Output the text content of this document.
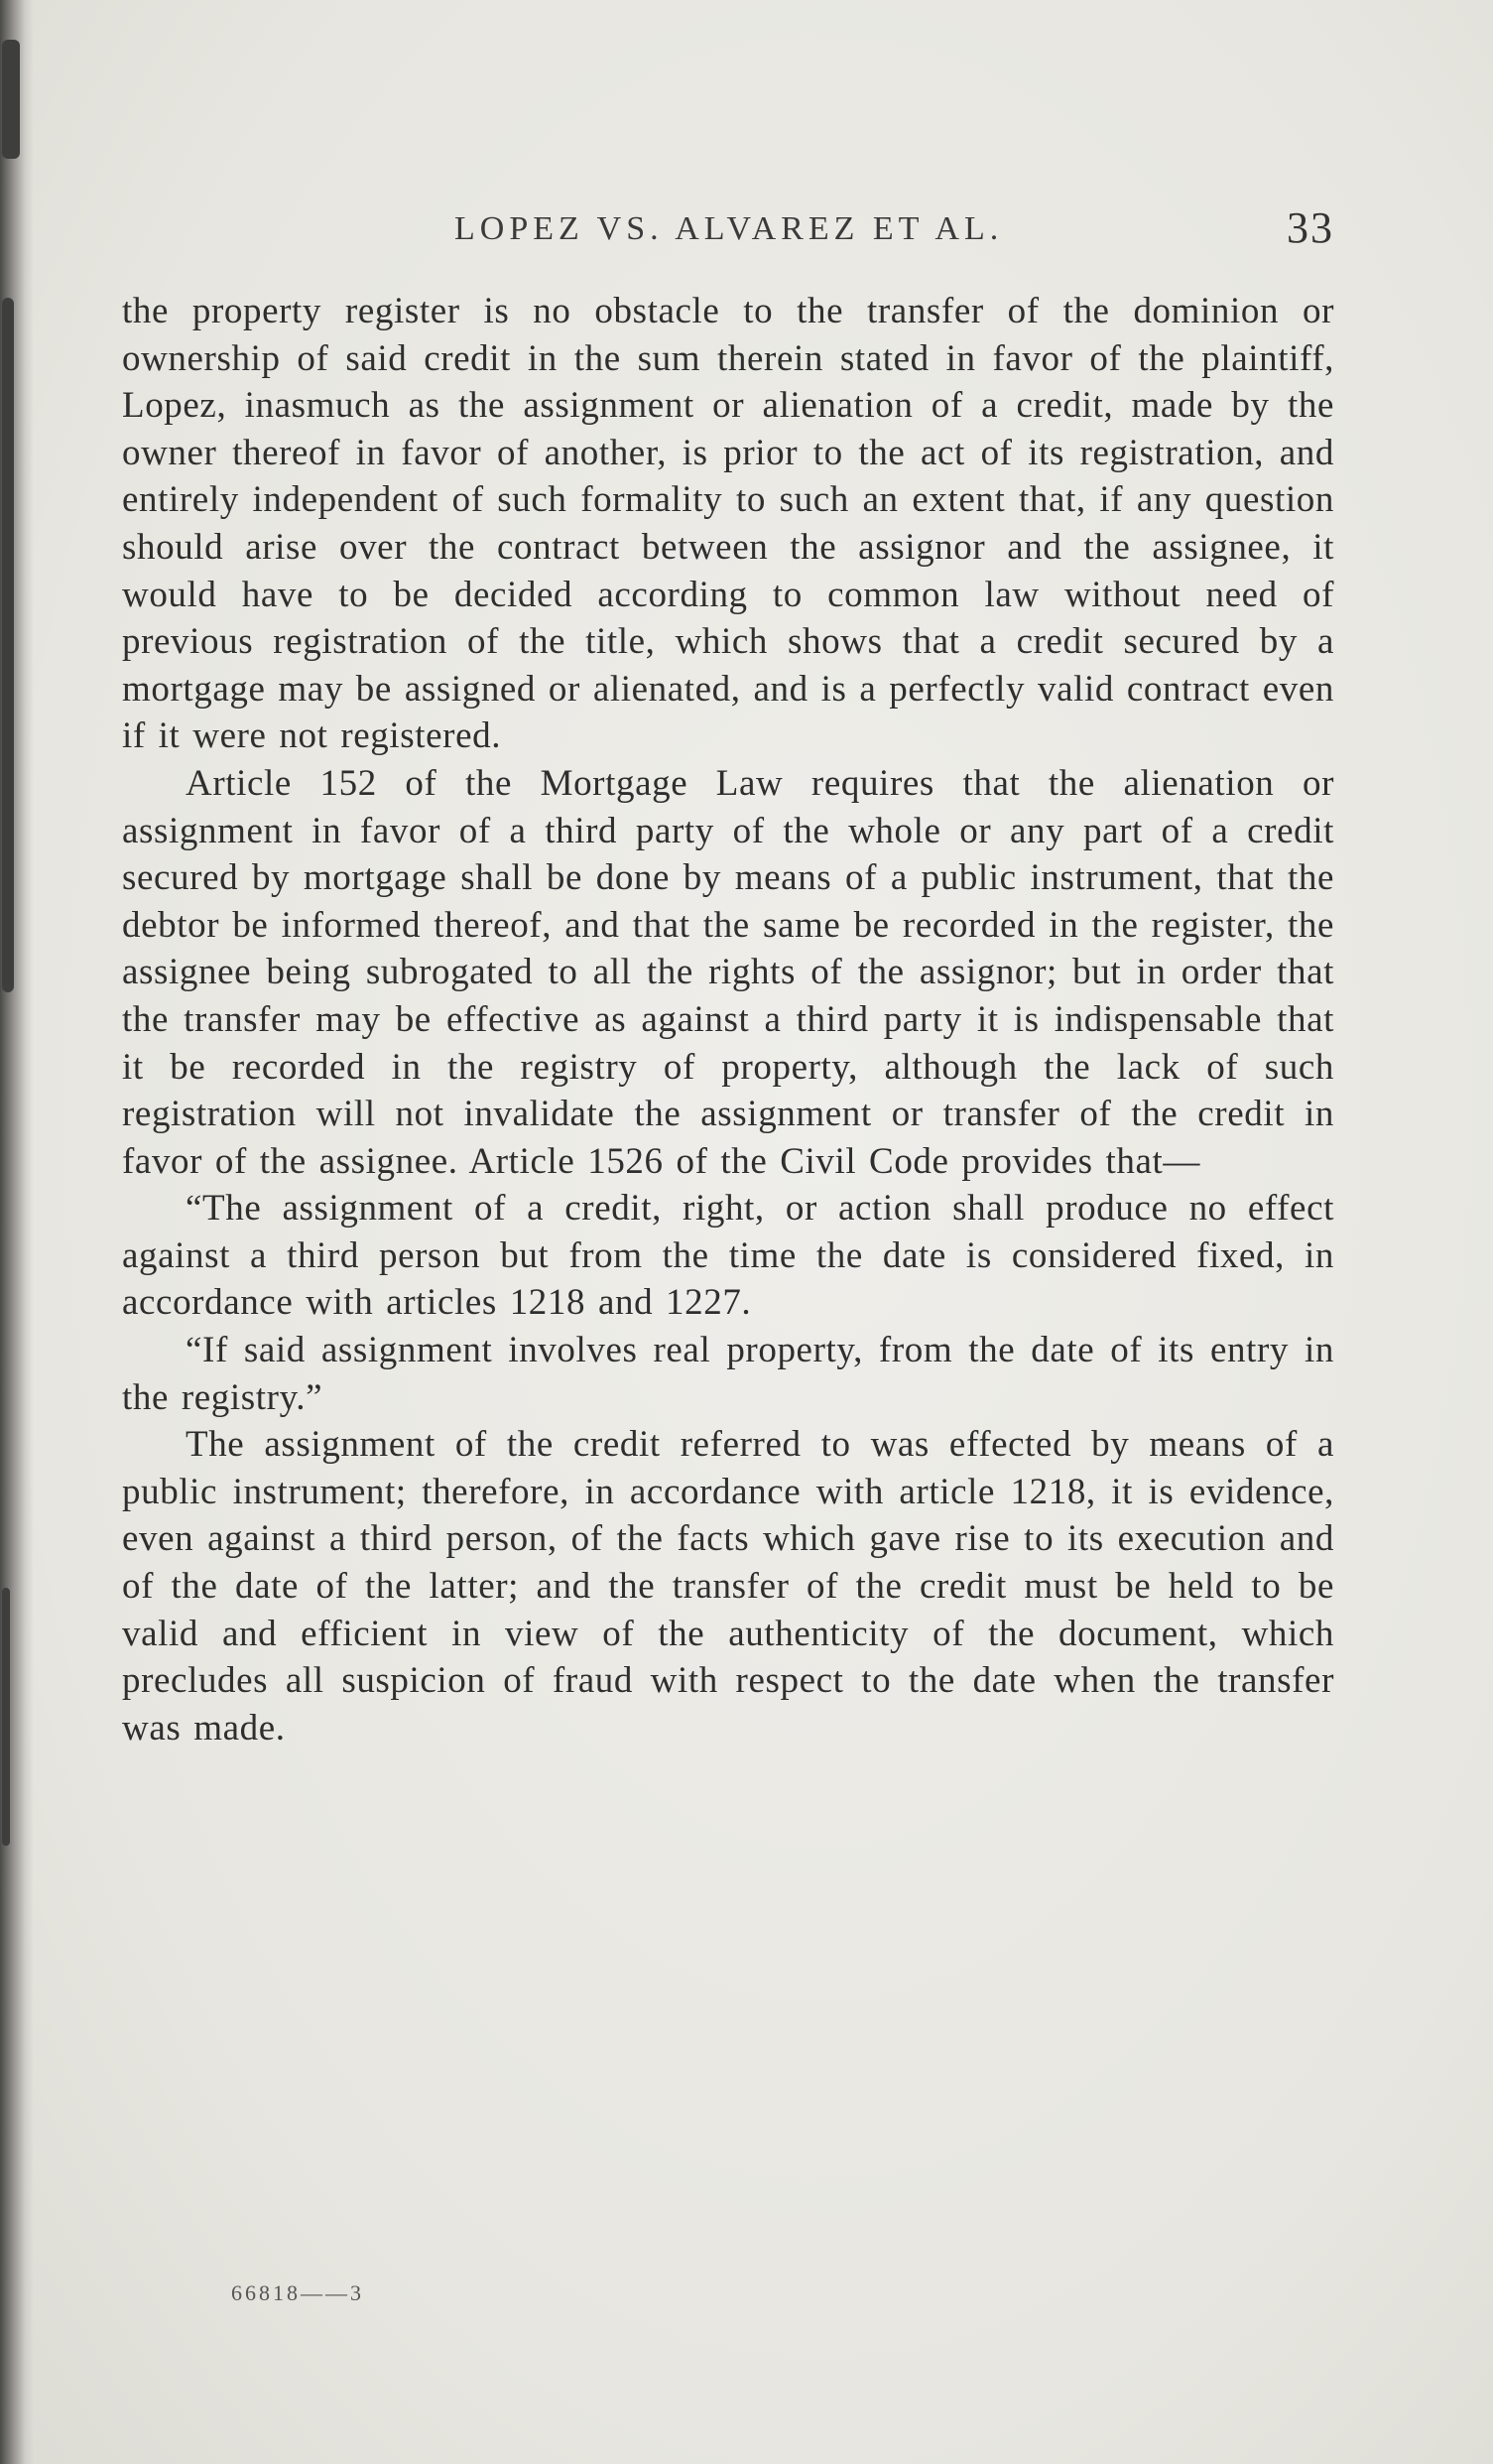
LOPEZ VS. ALVAREZ ET AL.	33

the property register is no obstacle to the transfer of the dominion or ownership of said credit in the sum therein stated in favor of the plaintiff, Lopez, inasmuch as the assignment or alienation of a credit, made by the owner thereof in favor of another, is prior to the act of its registration, and entirely independent of such formality to such an extent that, if any question should arise over the contract between the assignor and the assignee, it would have to be decided according to common law without need of previous registration of the title, which shows that a credit secured by a mortgage may be assigned or alienated, and is a perfectly valid contract even if it were not registered.

Article 152 of the Mortgage Law requires that the alienation or assignment in favor of a third party of the whole or any part of a credit secured by mortgage shall be done by means of a public instrument, that the debtor be informed thereof, and that the same be recorded in the register, the assignee being subrogated to all the rights of the assignor; but in order that the transfer may be effective as against a third party it is indispensable that it be recorded in the registry of property, although the lack of such registration will not invalidate the assignment or transfer of the credit in favor of the assignee. Article 1526 of the Civil Code provides that—

“The assignment of a credit, right, or action shall produce no effect against a third person but from the time the date is considered fixed, in accordance with articles 1218 and 1227.

“If said assignment involves real property, from the date of its entry in the registry.”

The assignment of the credit referred to was effected by means of a public instrument; therefore, in accordance with article 1218, it is evidence, even against a third person, of the facts which gave rise to its execution and of the date of the latter; and the transfer of the credit must be held to be valid and efficient in view of the authenticity of the document, which precludes all suspicion of fraud with respect to the date when the transfer was made.

66818——3
